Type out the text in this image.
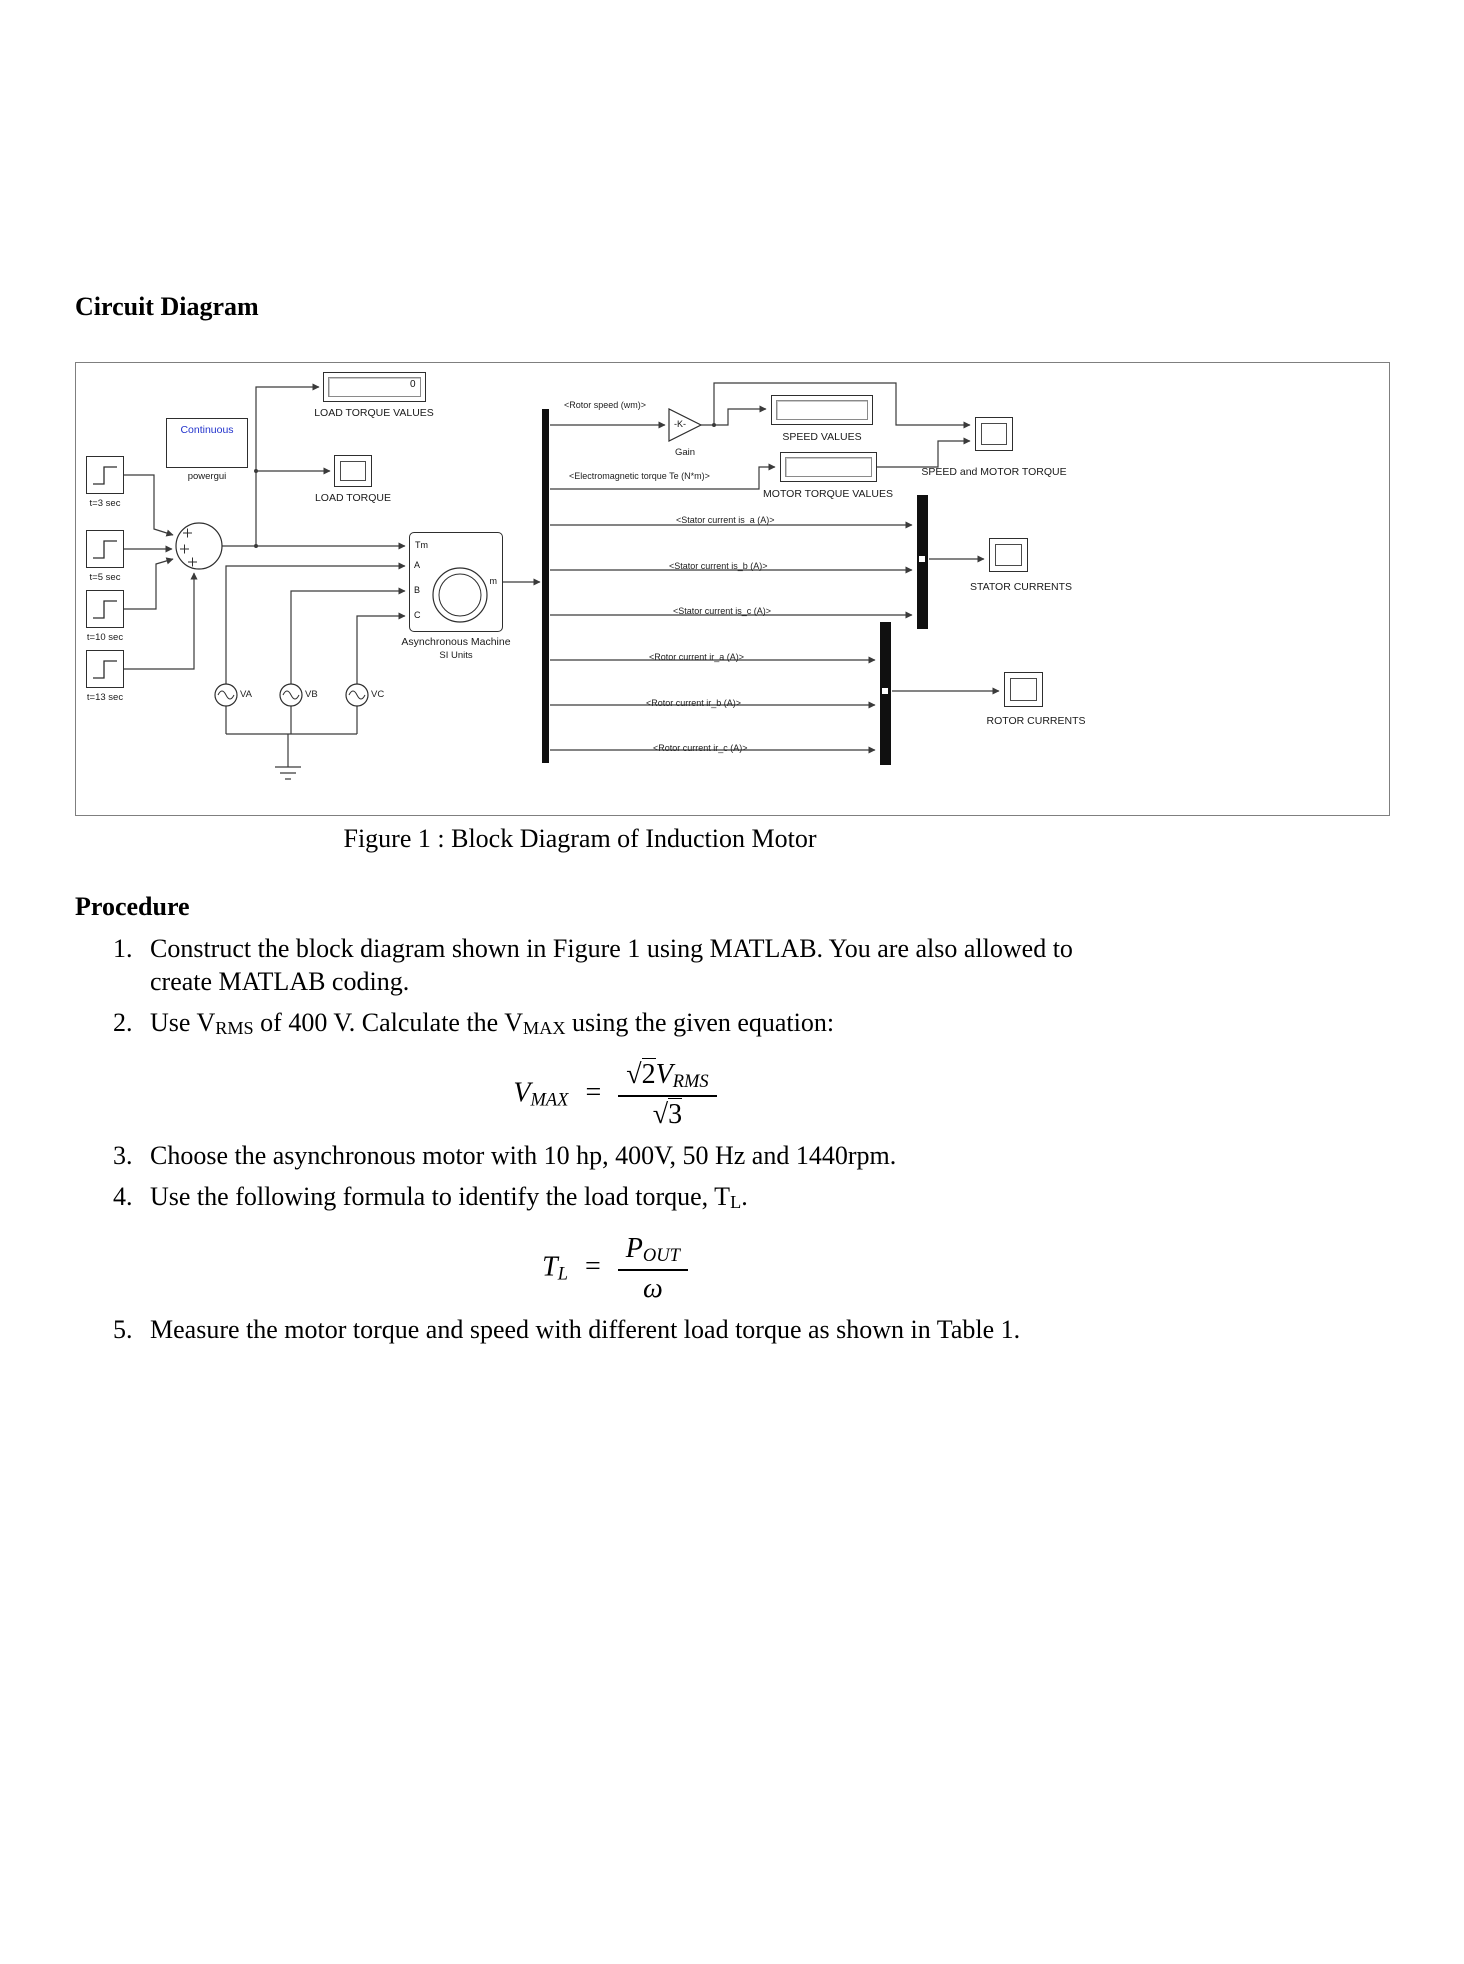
Circuit Diagram
t=3 sec
t=5 sec
t=10 sec
t=13 sec
Continuous
powergui
0
LOAD TORQUE VALUES
LOAD TORQUE
Tm
A
B
C
m
Asynchronous Machine
SI Units
VA	VB	VC
-K-
Gain
SPEED VALUES
MOTOR TORQUE VALUES
SPEED and MOTOR TORQUE
STATOR CURRENTS
ROTOR CURRENTS
<Rotor speed (wm)>
<Electromagnetic torque Te (N*m)>
<Stator current is_a (A)>
<Stator current is_b (A)>
<Stator current is_c (A)>
<Rotor current ir_a (A)>
<Rotor current ir_b (A)>
<Rotor current ir_c (A)>
Figure 1 : Block Diagram of Induction Motor
Procedure
1. Construct the block diagram shown in Figure 1 using MATLAB. You are also allowed to
create MATLAB coding.
2. Use VRMS of 400 V. Calculate the VMAX using the given equation:
VMAX = $\frac{\text{√2VRMS}}{√3}$
3. Choose the asynchronous motor with 10 hp, 400V, 50 Hz and 1440rpm.
4. Use the following formula to identify the load torque, TL.
TL = $\frac{\text{POUT}}{\omega}$
5. Measure the motor torque and speed with different load torque as shown in Table 1.
